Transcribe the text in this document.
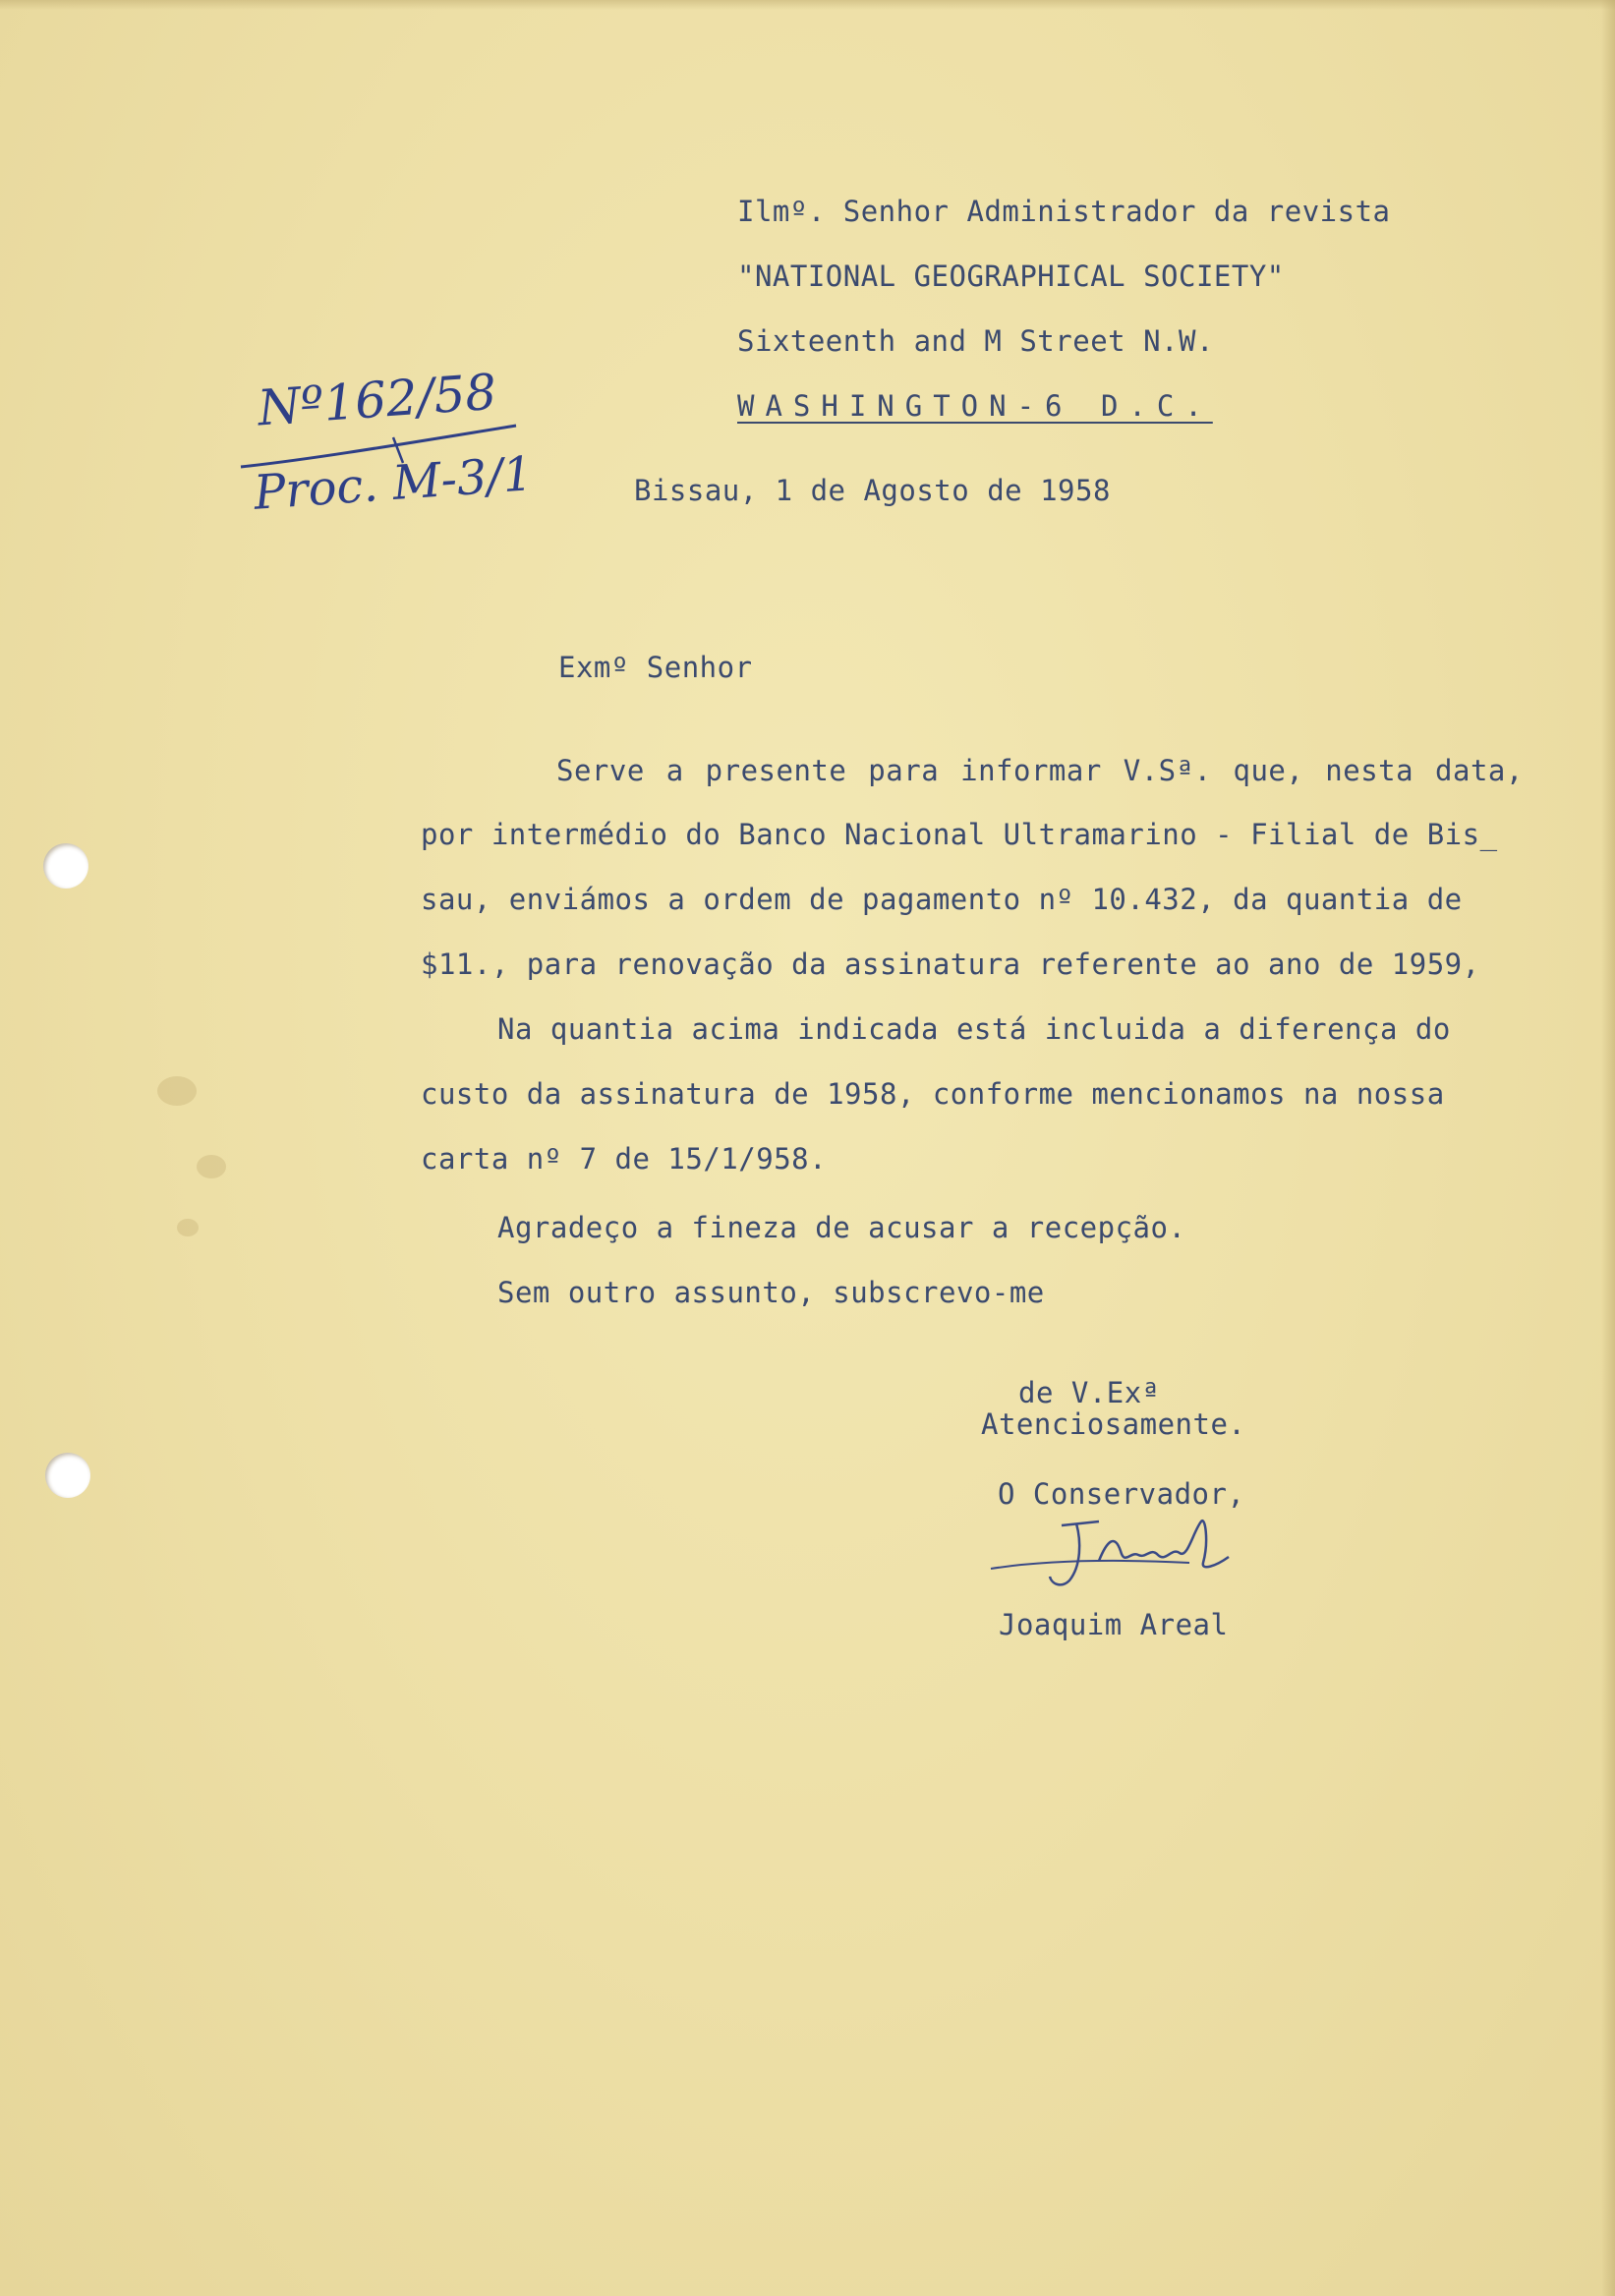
Ilmº. Senhor Administrador da revista
"NATIONAL GEOGRAPHICAL SOCIETY"
Sixteenth and M Street N.W.
WASHINGTON-6 D.C.
Nº162/58
Proc. M-3/1	Bissau, 1 de Agosto de 1958
Exmº Senhor
Serve a presente para informar V.Sª. que, nesta data,
por intermédio do Banco Nacional Ultramarino - Filial de Bis_
sau, enviámos a ordem de pagamento nº 10.432, da quantia de
$11., para renovação da assinatura referente ao ano de 1959,
Na quantia acima indicada está incluida a diferença do
custo da assinatura de 1958, conforme mencionamos na nossa
carta nº 7 de 15/1/958.
Agradeço a fineza de acusar a recepção.
Sem outro assunto, subscrevo-me
de V.Exª
Atenciosamente.
O Conservador,
Joaquim Areal
